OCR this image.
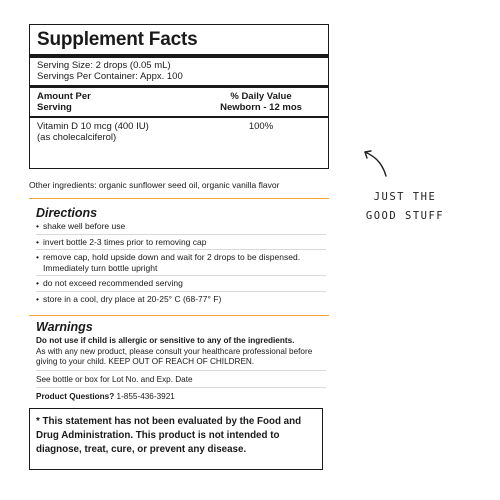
Supplement Facts
Serving Size: 2 drops (0.05 mL)
Servings Per Container: Appx. 100
Amount Per
Serving
% Daily Value
Newborn - 12 mos
Vitamin D 10 mcg (400 IU)
(as cholecalciferol)
100%
Other ingredients: organic sunflower seed oil, organic vanilla flavor
Directions
• shake well before use
• invert bottle 2-3 times prior to removing cap
• remove cap, hold upside down and wait for 2 drops to be dispensed. Immediately turn bottle upright
• do not exceed recommended serving
• store in a cool, dry place at 20-25° C (68-77° F)
Warnings
Do not use if child is allergic or sensitive to any of the ingredients.
As with any new product, please consult your healthcare professional before giving to your child. KEEP OUT OF REACH OF CHILDREN.
See bottle or box for Lot No. and Exp. Date
Product Questions? 1-855-436-3921
* This statement has not been evaluated by the Food and Drug Administration. This product is not intended to diagnose, treat, cure, or prevent any disease.
JUST THE
GOOD STUFF
